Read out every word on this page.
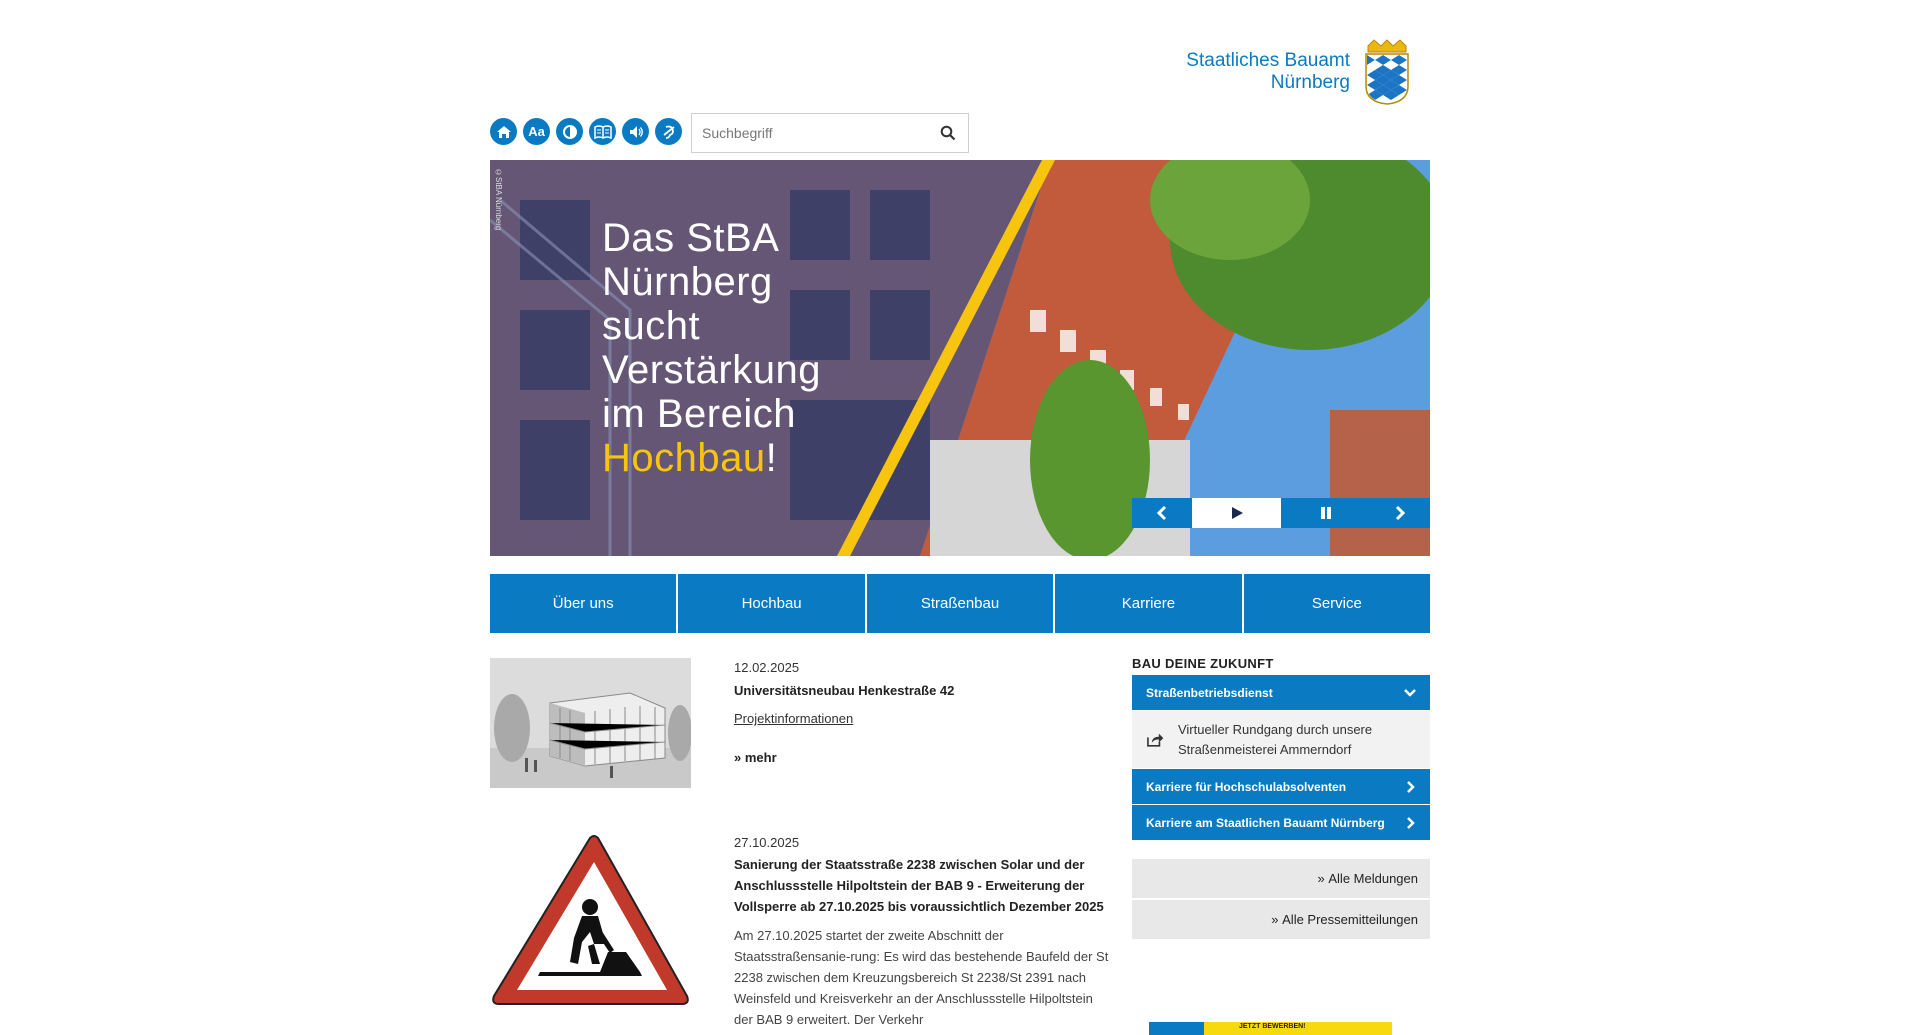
Staatliches Bauamt
Nürnberg
Aa
Suchbegriff
©StBA Nürnberg
Das StBA
Nürnberg
sucht
Verstärkung
im Bereich
Hochbau!
Über uns	Hochbau	Straßenbau	Karriere	Service
12.02.2025
Universitätsneubau Henkestraße 42
Projektinformationen
» mehr
27.10.2025
Sanierung der Staatsstraße 2238 zwischen Solar und der Anschlussstelle Hilpoltstein der BAB 9 - Erweiterung der Vollsperre ab 27.10.2025 bis voraussichtlich Dezember 2025
Am 27.10.2025 startet der zweite Abschnitt der Staatsstraßensanie-rung: Es wird das bestehende Baufeld der St 2238 zwischen dem Kreuzungsbereich St 2238/St 2391 nach Weinsfeld und Kreisverkehr an der Anschlussstelle Hilpoltstein der BAB 9 erweitert. Der Verkehr
BAU DEINE ZUKUNFT
Straßenbetriebsdienst
Virtueller Rundgang durch unsere Straßenmeisterei Ammerndorf
Karriere für Hochschulabsolventen
Karriere am Staatlichen Bauamt Nürnberg
» Alle Meldungen
» Alle Pressemitteilungen
JETZT BEWERBEN!
